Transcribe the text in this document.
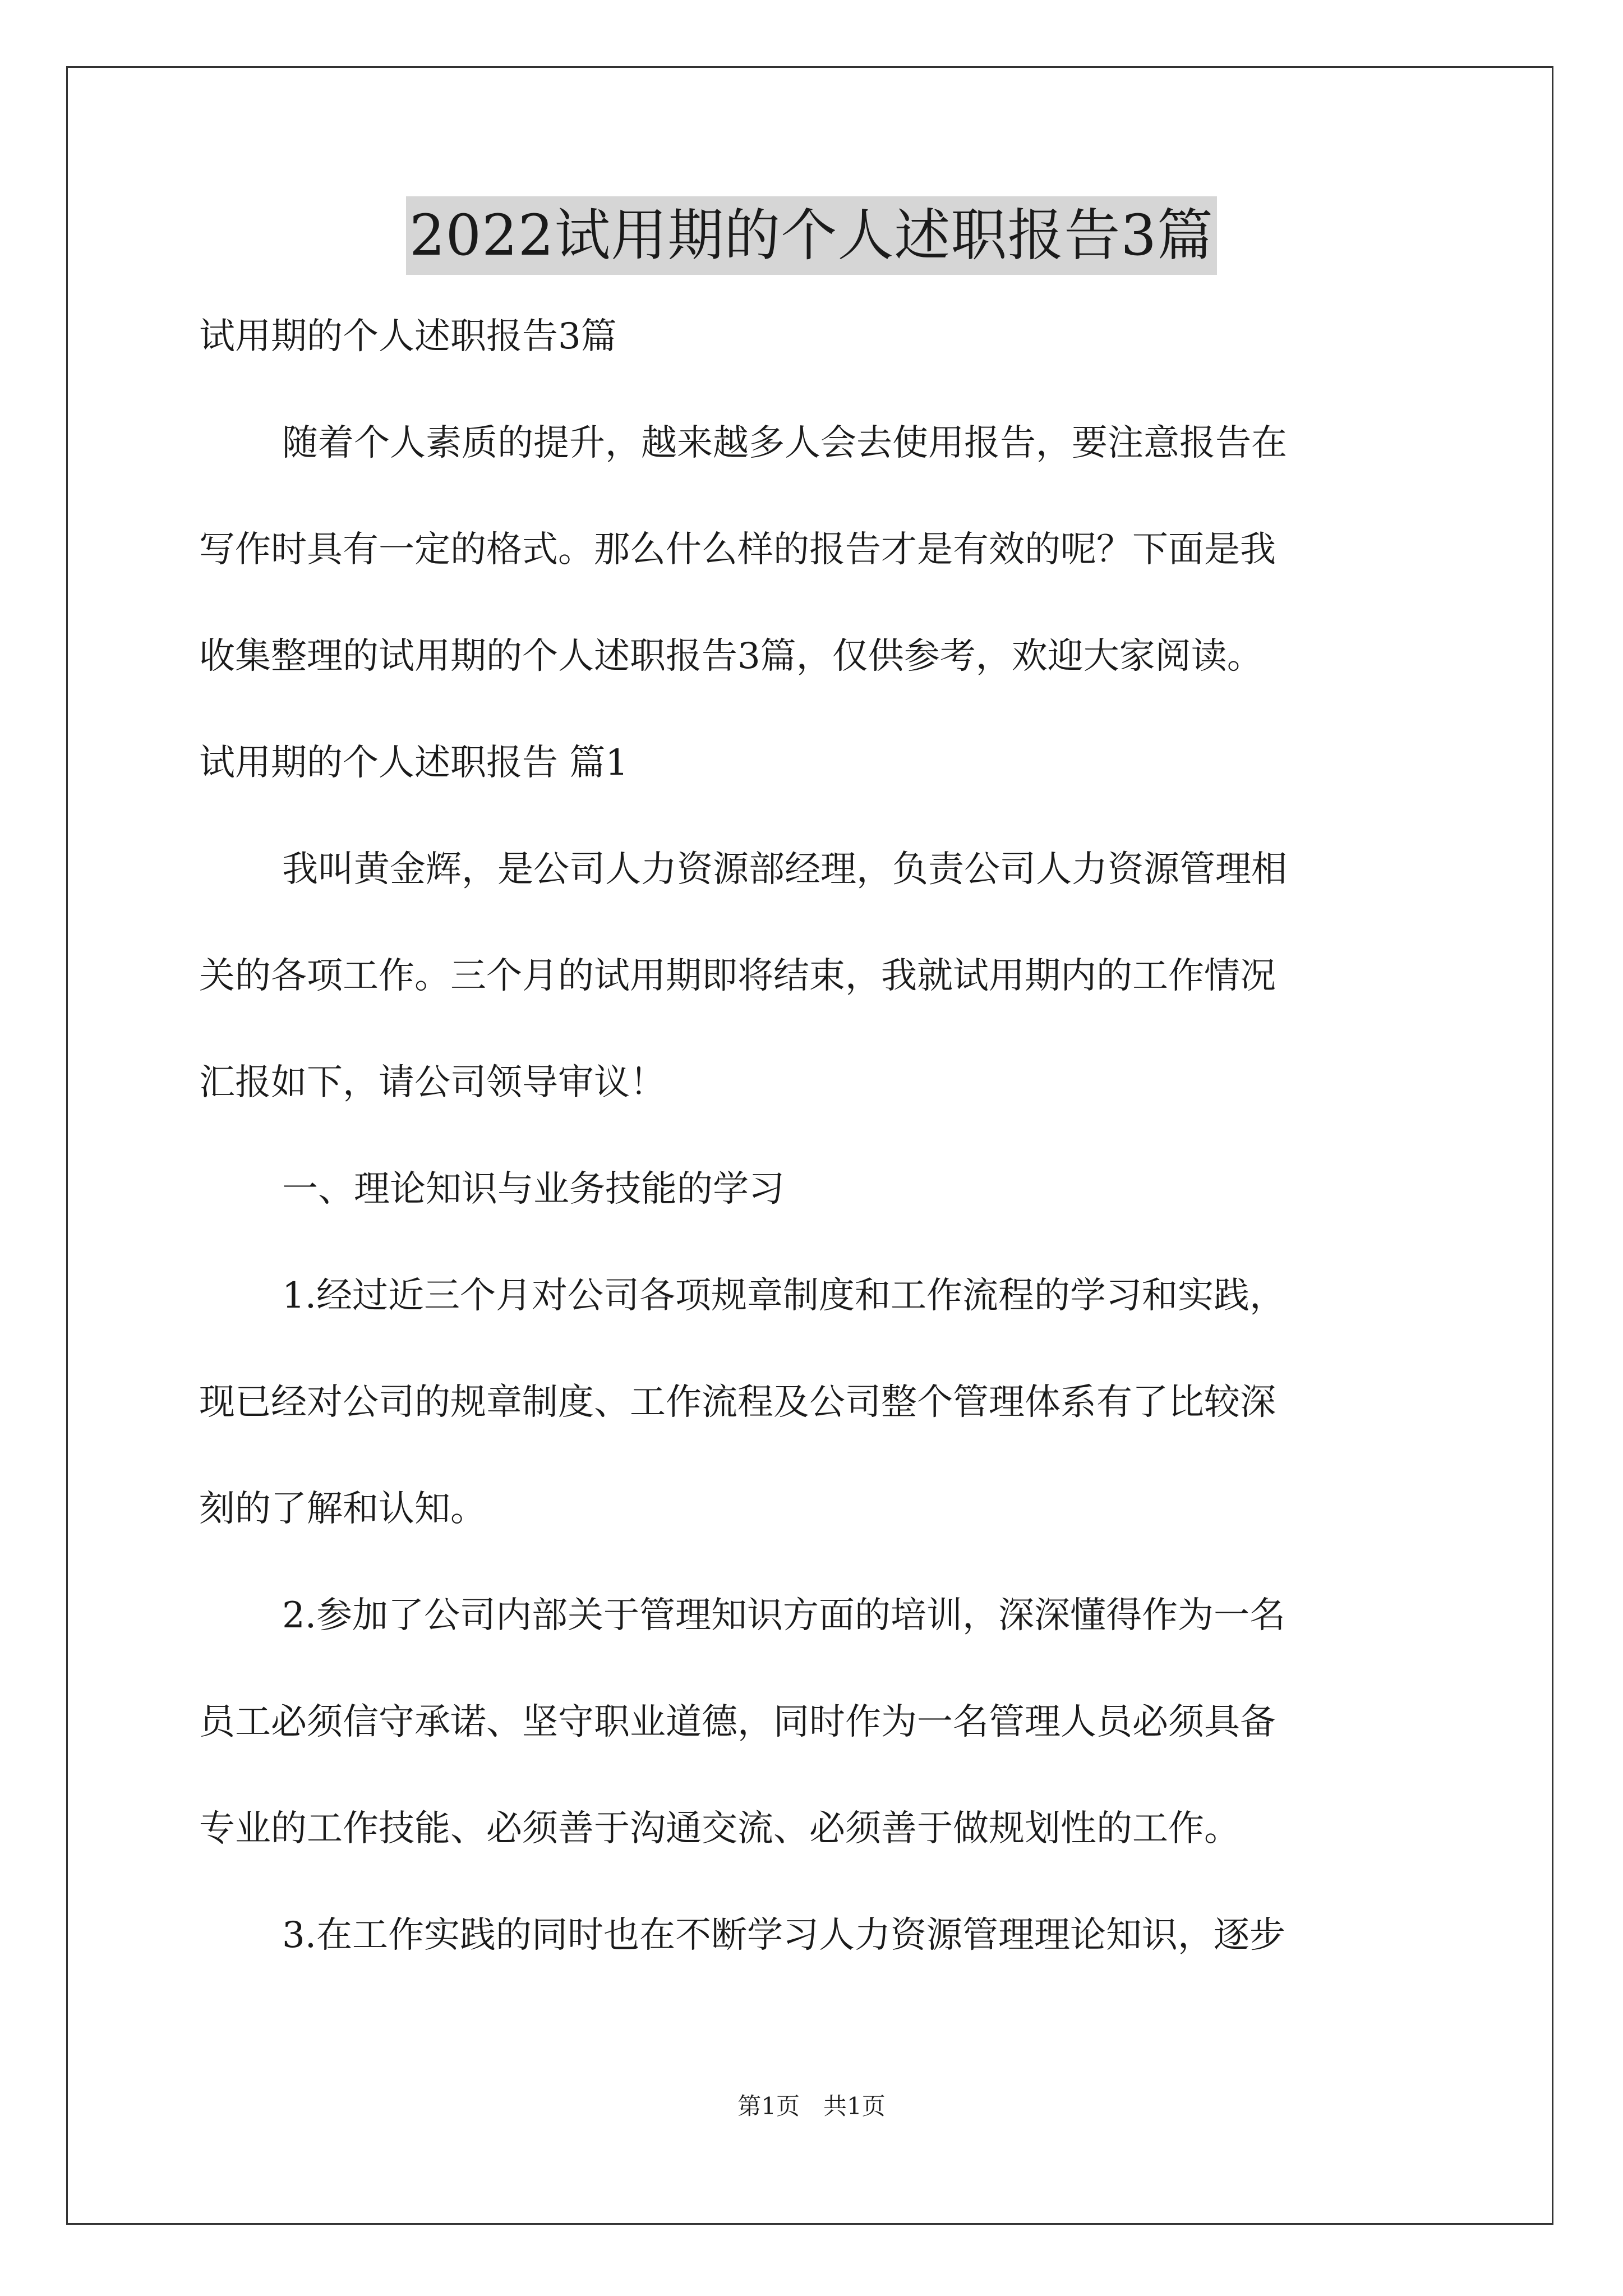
2022试用期的个人述职报告3篇
试用期的个人述职报告3篇
随着个人素质的提升，越来越多人会去使用报告，要注意报告在
写作时具有一定的格式。那么什么样的报告才是有效的呢？下面是我
收集整理的试用期的个人述职报告3篇，仅供参考，欢迎大家阅读。
试用期的个人述职报告 篇1
我叫黄金辉，是公司人力资源部经理，负责公司人力资源管理相
关的各项工作。三个月的试用期即将结束，我就试用期内的工作情况
汇报如下，请公司领导审议！
一、理论知识与业务技能的学习
1.经过近三个月对公司各项规章制度和工作流程的学习和实践，
现已经对公司的规章制度、工作流程及公司整个管理体系有了比较深
刻的了解和认知。
2.参加了公司内部关于管理知识方面的培训，深深懂得作为一名
员工必须信守承诺、坚守职业道德，同时作为一名管理人员必须具备
专业的工作技能、必须善于沟通交流、必须善于做规划性的工作。
3.在工作实践的同时也在不断学习人力资源管理理论知识，逐步
第1页　共1页
